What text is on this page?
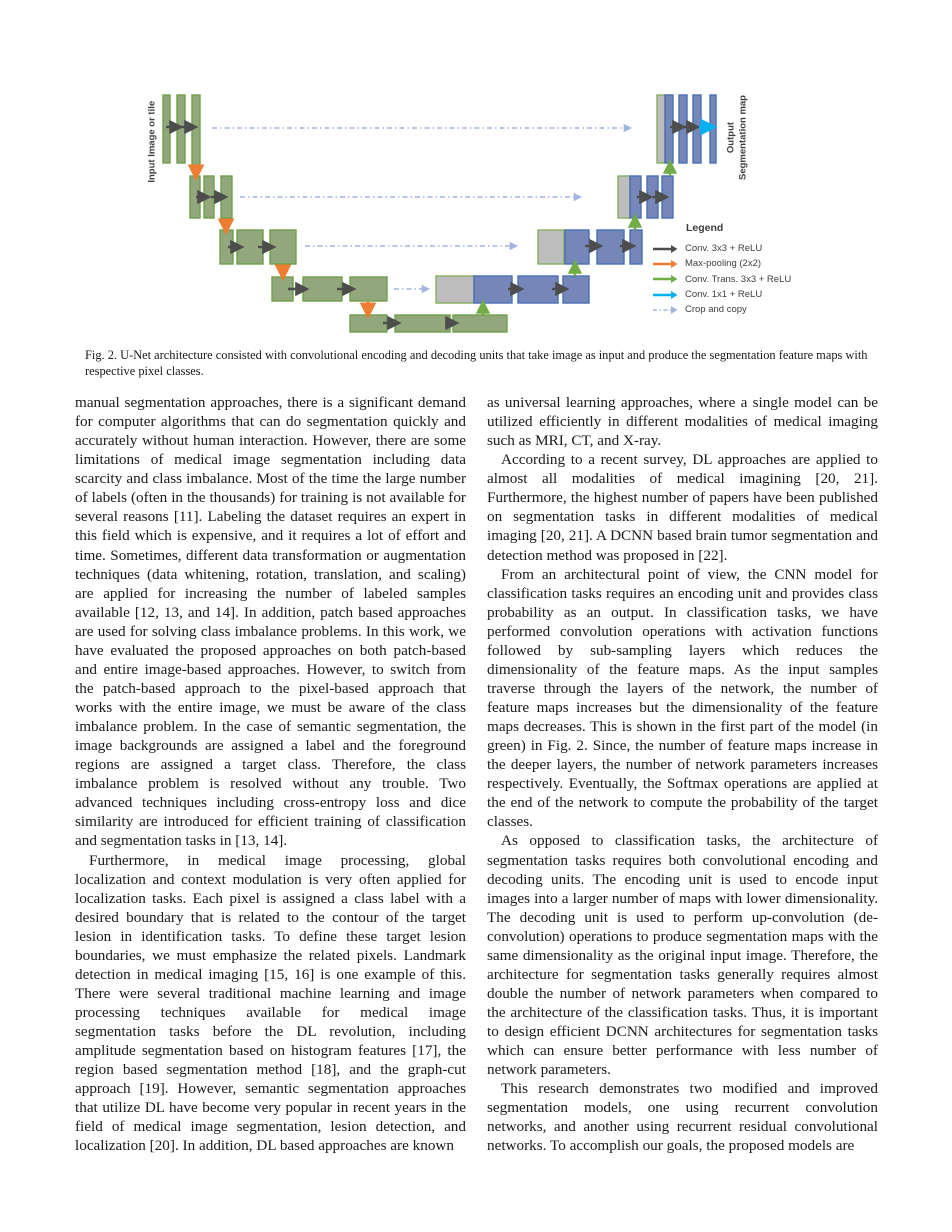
Input Image or tile	Output Segmentation map
Legend
Conv. 3x3 + ReLU
Max-pooling (2x2)
Conv. Trans. 3x3 + ReLU
Conv. 1x1 + ReLU
Crop and copy
Fig. 2. U-Net architecture consisted with convolutional encoding and decoding units that take image as input and produce the segmentation feature maps with respective pixel classes.

manual segmentation approaches, there is a significant demand for computer algorithms that can do segmentation quickly and accurately without human interaction. However, there are some limitations of medical image segmentation including data scarcity and class imbalance. Most of the time the large number of labels (often in the thousands) for training is not available for several reasons [11]. Labeling the dataset requires an expert in this field which is expensive, and it requires a lot of effort and time. Sometimes, different data transformation or augmentation techniques (data whitening, rotation, translation, and scaling) are applied for increasing the number of labeled samples available [12, 13, and 14]. In addition, patch based approaches are used for solving class imbalance problems. In this work, we have evaluated the proposed approaches on both patch-based and entire image-based approaches. However, to switch from the patch-based approach to the pixel-based approach that works with the entire image, we must be aware of the class imbalance problem. In the case of semantic segmentation, the image backgrounds are assigned a label and the foreground regions are assigned a target class. Therefore, the class imbalance problem is resolved without any trouble. Two advanced techniques including cross-entropy loss and dice similarity are introduced for efficient training of classification and segmentation tasks in [13, 14].

Furthermore, in medical image processing, global localization and context modulation is very often applied for localization tasks. Each pixel is assigned a class label with a desired boundary that is related to the contour of the target lesion in identification tasks. To define these target lesion boundaries, we must emphasize the related pixels. Landmark detection in medical imaging [15, 16] is one example of this. There were several traditional machine learning and image processing techniques available for medical image segmentation tasks before the DL revolution, including amplitude segmentation based on histogram features [17], the region based segmentation method [18], and the graph-cut approach [19]. However, semantic segmentation approaches that utilize DL have become very popular in recent years in the field of medical image segmentation, lesion detection, and localization [20]. In addition, DL based approaches are known

as universal learning approaches, where a single model can be utilized efficiently in different modalities of medical imaging such as MRI, CT, and X-ray.

According to a recent survey, DL approaches are applied to almost all modalities of medical imagining [20, 21]. Furthermore, the highest number of papers have been published on segmentation tasks in different modalities of medical imaging [20, 21]. A DCNN based brain tumor segmentation and detection method was proposed in [22].

From an architectural point of view, the CNN model for classification tasks requires an encoding unit and provides class probability as an output. In classification tasks, we have performed convolution operations with activation functions followed by sub-sampling layers which reduces the dimensionality of the feature maps. As the input samples traverse through the layers of the network, the number of feature maps increases but the dimensionality of the feature maps decreases. This is shown in the first part of the model (in green) in Fig. 2. Since, the number of feature maps increase in the deeper layers, the number of network parameters increases respectively. Eventually, the Softmax operations are applied at the end of the network to compute the probability of the target classes.

As opposed to classification tasks, the architecture of segmentation tasks requires both convolutional encoding and decoding units. The encoding unit is used to encode input images into a larger number of maps with lower dimensionality. The decoding unit is used to perform up-convolution (de-convolution) operations to produce segmentation maps with the same dimensionality as the original input image. Therefore, the architecture for segmentation tasks generally requires almost double the number of network parameters when compared to the architecture of the classification tasks. Thus, it is important to design efficient DCNN architectures for segmentation tasks which can ensure better performance with less number of network parameters.

This research demonstrates two modified and improved segmentation models, one using recurrent convolution networks, and another using recurrent residual convolutional networks. To accomplish our goals, the proposed models are
